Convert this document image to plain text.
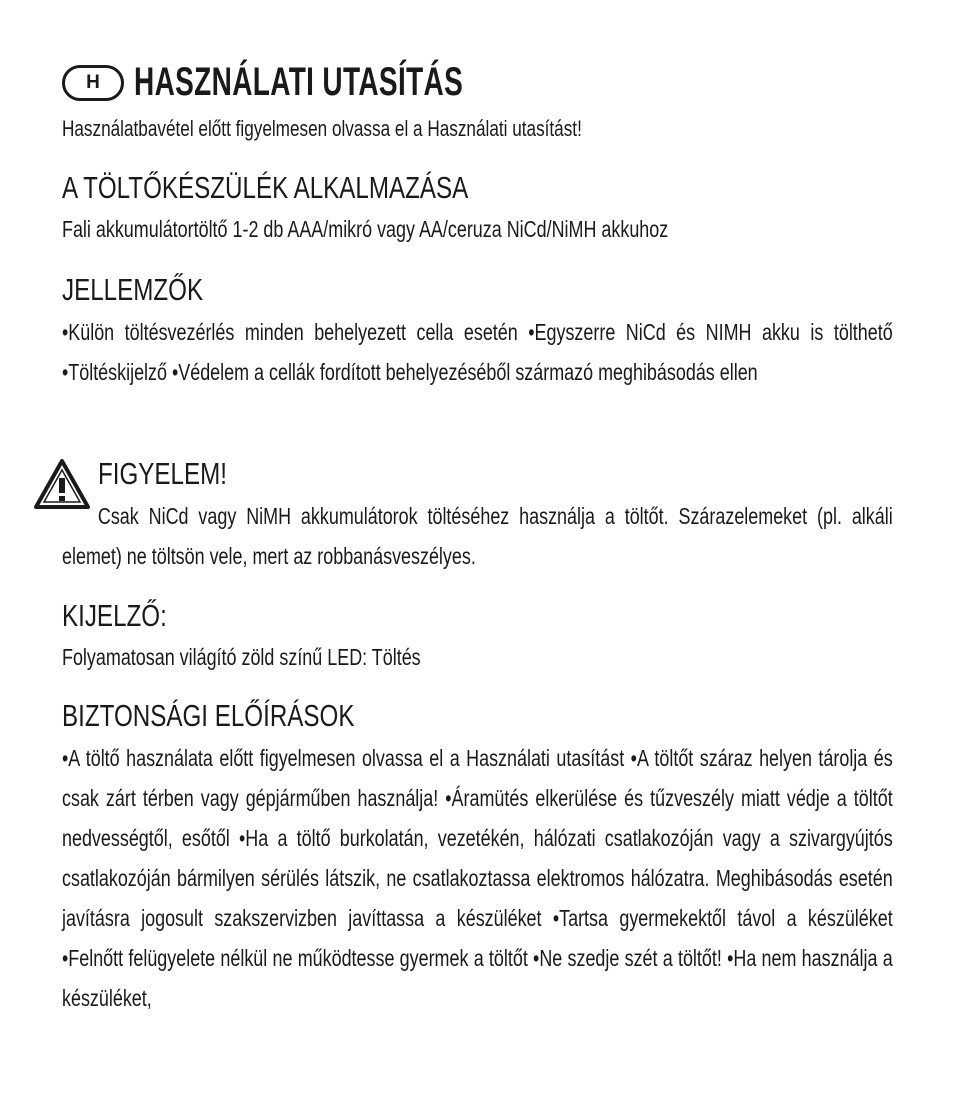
H HASZNÁLATI UTASÍTÁS
Használatbavétel előtt figyelmesen olvassa el a Használati utasítást!
A TÖLTŐKÉSZÜLÉK ALKALMAZÁSA
Fali akkumulátortöltő 1-2 db AAA/mikró vagy AA/ceruza NiCd/NiMH akkuhoz
JELLEMZŐK
•Külön töltésvezérlés minden behelyezett cella esetén •Egyszerre NiCd és NIMH akku is tölthető •Töltéskijelző •Védelem a cellák fordított behelyezéséből származó meghibásodás ellen
FIGYELEM!
Csak NiCd vagy NiMH akkumulátorok töltéséhez használja a töltőt. Szárazelemeket (pl. alkáli elemet) ne töltsön vele, mert az robbanásveszélyes.
KIJELZŐ:
Folyamatosan világító zöld színű LED: Töltés
BIZTONSÁGI ELŐÍRÁSOK
•A töltő használata előtt figyelmesen olvassa el a Használati utasítást •A töltőt száraz helyen tárolja és csak zárt térben vagy gépjárműben használja! •Áramütés elkerülése és tűzveszély miatt védje a töltőt nedvességtől, esőtől •Ha a töltő burkolatán, vezetékén, hálózati csatlakozóján vagy a szivargyújtós csatlakozóján bármilyen sérülés látszik, ne csatlakoztassa elektromos hálózatra. Meghibásodás esetén javításra jogosult szakszervizben javíttassa a készüléket •Tartsa gyermekektől távol a készüléket •Felnőtt felügyelete nélkül ne működtesse gyermek a töltőt •Ne szedje szét a töltőt! •Ha nem használja a készüléket,
